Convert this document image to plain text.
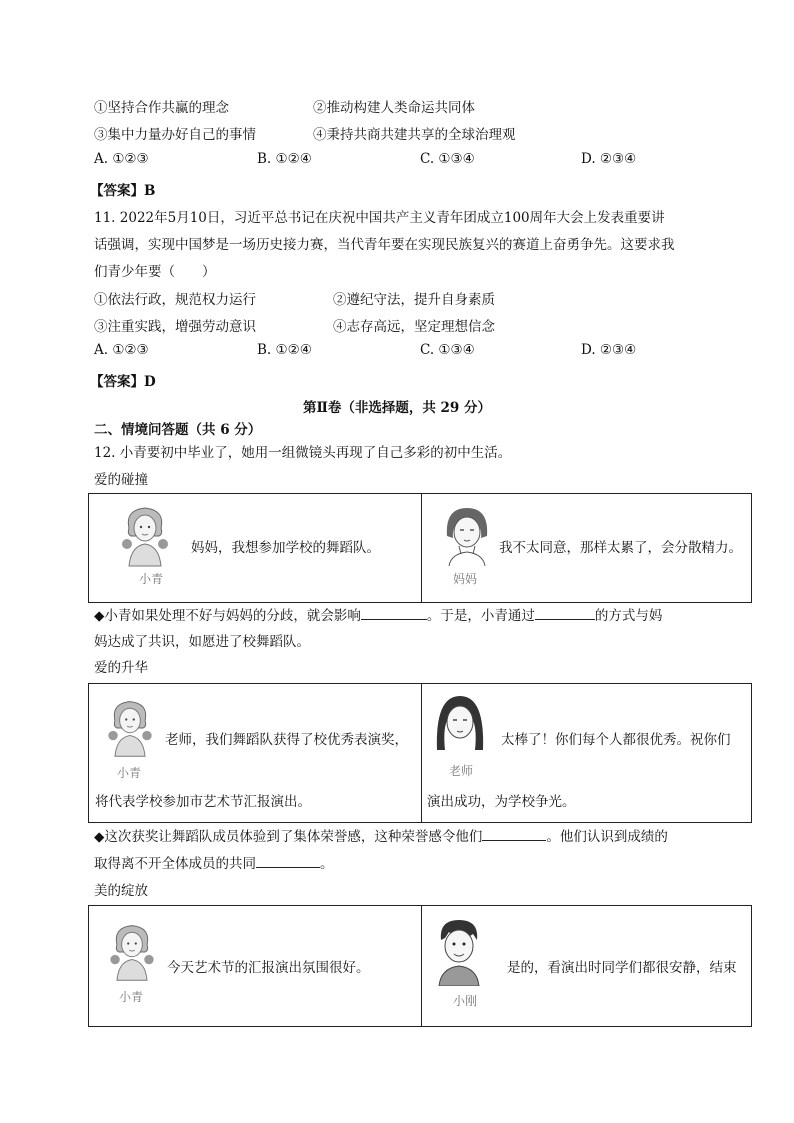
①坚持合作共赢的理念	②推动构建人类命运共同体
③集中力量办好自己的事情	④秉持共商共建共享的全球治理观
A. ①②③	B. ①②④	C. ①③④	D. ②③④
【答案】B
11. 2022年5月10日，习近平总书记在庆祝中国共产主义青年团成立100周年大会上发表重要讲
话强调，实现中国梦是一场历史接力赛，当代青年要在实现民族复兴的赛道上奋勇争先。这要求我
们青少年要（　　）
①依法行政，规范权力运行	②遵纪守法，提升自身素质
③注重实践，增强劳动意识	④志存高远，坚定理想信念
A. ①②③	B. ①②④	C. ①③④	D. ②③④
【答案】D
第Ⅱ卷（非选择题，共 29 分）
二、情境问答题（共 6 分）
12. 小青要初中毕业了，她用一组微镜头再现了自己多彩的初中生活。
爱的碰撞
小青
妈妈，我想参加学校的舞蹈队。
妈妈
我不太同意，那样太累了，会分散精力。
◆小青如果处理不好与妈妈的分歧，就会影响	。于是，小青通过	的方式与妈
妈达成了共识，如愿进了校舞蹈队。
爱的升华
小青
老师，我们舞蹈队获得了校优秀表演奖，
将代表学校参加市艺术节汇报演出。
老师
太棒了！你们每个人都很优秀。祝你们
演出成功，为学校争光。
◆这次获奖让舞蹈队成员体验到了集体荣誉感，这种荣誉感令他们	。他们认识到成绩的
取得离不开全体成员的共同	。
美的绽放
小青
今天艺术节的汇报演出氛围很好。
小刚
是的，看演出时同学们都很安静，结束
